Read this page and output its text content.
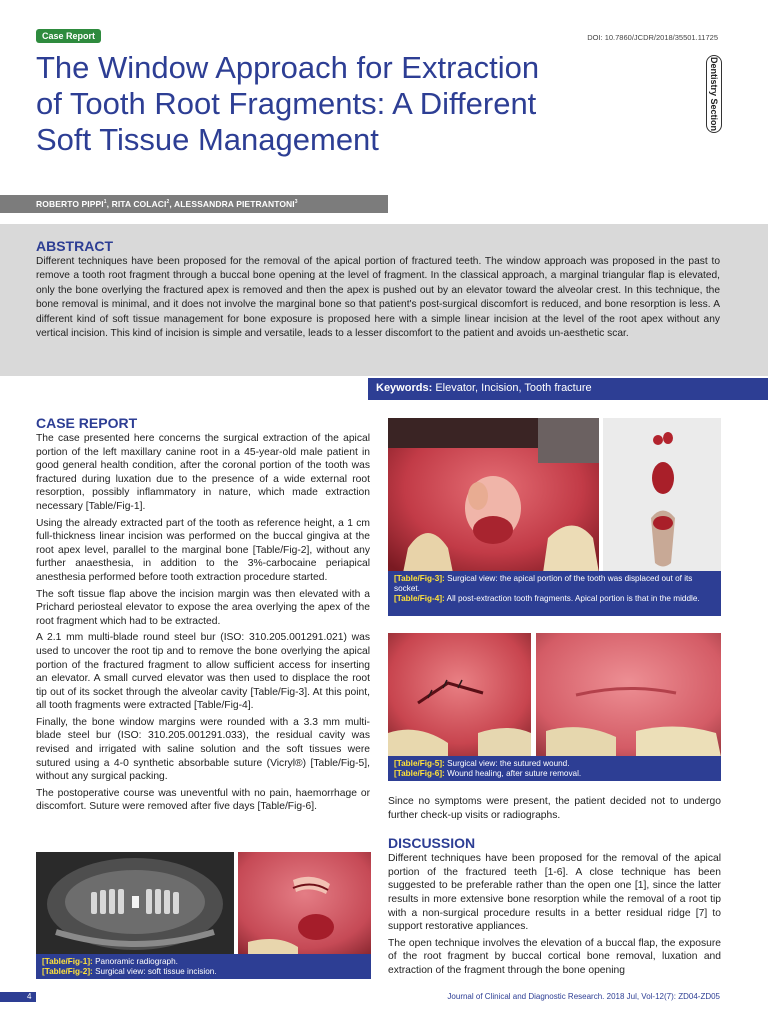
Case Report	DOI: 10.7860/JCDR/2018/35501.11725
Dentistry Section
The Window Approach for Extraction
of Tooth Root Fragments: A Different
Soft Tissue Management
ROBERTO PIPPI$^1$, RITA COLACI$^2$, ALESSANDRA PIETRANTONI$^3$
ABSTRACT

Different techniques have been proposed for the removal of the apical portion of fractured teeth. The window approach was proposed in the past to remove a tooth root fragment through a buccal bone opening at the level of fragment. In the classical approach, a marginal triangular flap is elevated, only the bone overlying the fractured apex is removed and then the apex is pushed out by an elevator toward the alveolar crest. In this technique, the bone removal is minimal, and it does not involve the marginal bone so that patient's post-surgical discomfort is reduced, and bone resorption is less. A different kind of soft tissue management for bone exposure is proposed here with a simple linear incision at the level of the root apex without any vertical incision. This kind of incision is simple and versatile, leads to a lesser discomfort to the patient and avoids un-aesthetic scar.

Keywords: Elevator, Incision, Tooth fracture
CASE REPORT

The case presented here concerns the surgical extraction of the apical portion of the left maxillary canine root in a 45-year-old male patient in good general health condition, after the coronal portion of the tooth was fractured during luxation due to the presence of a wide external root resorption, possibly inflammatory in nature, which made extraction necessary [Table/Fig-1].

Using the already extracted part of the tooth as reference height, a 1 cm full-thickness linear incision was performed on the buccal gingiva at the root apex level, parallel to the marginal bone [Table/Fig-2], without any further anaesthesia, in addition to the 3%-carbocaine periapical anesthesia performed before tooth extraction procedure started.

The soft tissue flap above the incision margin was then elevated with a Prichard periosteal elevator to expose the area overlying the apex of the root fragment which had to be extracted.

A 2.1 mm multi-blade round steel bur (ISO: 310.205.001291.021) was used to uncover the root tip and to remove the bone overlying the apical portion of the fractured fragment to allow sufficient access for inserting an elevator. A small curved elevator was then used to displace the root tip out of its socket through the alveolar cavity [Table/Fig-3]. At this point, all tooth fragments were extracted [Table/Fig-4].

Finally, the bone window margins were rounded with a 3.3 mm multi-blade steel bur (ISO: 310.205.001291.033), the residual cavity was revised and irrigated with saline solution and the soft tissues were sutured using a 4-0 synthetic absorbable suture (Vicryl®) [Table/Fig-5], without any surgical packing.

The postoperative course was uneventful with no pain, haemorrhage or discomfort. Suture were removed after five days [Table/Fig-6].

[Table/Fig-3]: Surgical view: the apical portion of the tooth was displaced out of its socket.
[Table/Fig-4]: All post-extraction tooth fragments. Apical portion is that in the middle.
[Table/Fig-5]: Surgical view: the sutured wound.
[Table/Fig-6]: Wound healing, after suture removal.
[Table/Fig-1]: Panoramic radiograph.
[Table/Fig-2]: Surgical view: soft tissue incision.

Since no symptoms were present, the patient decided not to undergo further check-up visits or radiographs.

DISCUSSION

Different techniques have been proposed for the removal of the apical portion of the fractured teeth [1-6]. A close technique has been suggested to be preferable rather than the open one [1], since the latter results in more extensive bone resorption while the removal of a root tip with a non-surgical procedure results in a better residual ridge [7] to support restorative appliances.

The open technique involves the elevation of a buccal flap, the exposure of the root fragment by buccal cortical bone removal, luxation and extraction of the fragment through the bone opening

4	Journal of Clinical and Diagnostic Research. 2018 Jul, Vol-12(7): ZD04-ZD05
